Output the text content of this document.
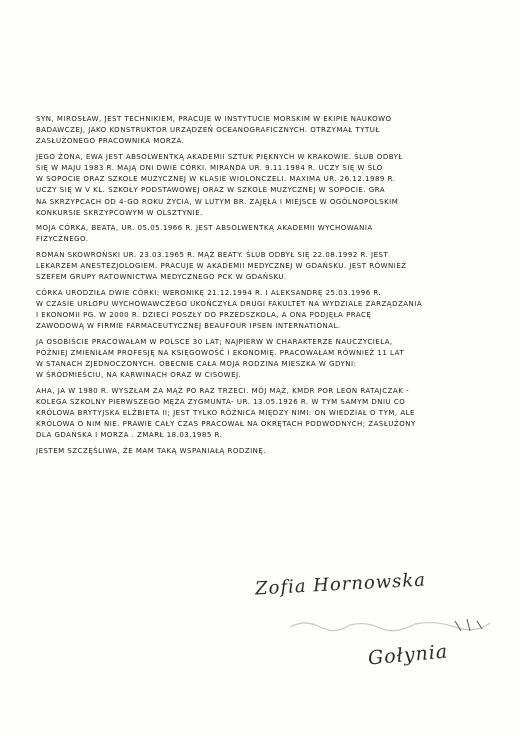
SYN, MIROSŁAW, JEST TECHNIKIEM, PRACUJE W INSTYTUCIE MORSKIM W EKIPIE NAUKOWO
BADAWCZEJ, JAKO KONSTRUKTOR URZĄDZEŃ OCEANOGRAFICZNYCH. OTRZYMAŁ TYTUŁ
ZASŁUŻONEGO PRACOWNIKA MORZA.
JEGO ŻONA, EWA JEST ABSOLWENTKĄ AKADEMII SZTUK PIĘKNYCH W KRAKOWIE. ŚLUB ODBYŁ
SIĘ W MAJU 1983 R. MAJĄ ONI DWIE CÓRKI. MIRANDA UR. 9.11.1984 R. UCZY SIĘ W ŚLO
W SOPOCIE ORAZ SZKOLE MUZYCZNEJ W KLASIE WIOLONCZELI. MAXIMA UR. 26.12.1989 R.
UCZY SIĘ W V KL. SZKOŁY PODSTAWOWEJ ORAZ W SZKOLE MUZYCZNEJ W SOPOCIE. GRA
NA SKRZYPCACH OD 4-GO ROKU ŻYCIA, W LUTYM BR. ZAJĘŁA I MIEJSCE W OGÓLNOPOLSKIM
KONKURSIE SKRZYPCOWYM W OLSZTYNIE.
MOJA CÓRKA, BEATA, UR. 05.05.1966 R. JEST ABSOLWENTKĄ AKADEMII WYCHOWANIA
FIZYCZNEGO.
ROMAN SKOWROŃSKI UR. 23.03.1965 R. MĄŻ BEATY. ŚLUB ODBYŁ SIĘ 22.08.1992 R. JEST
LEKARZEM ANESTEZJOLOGIEM. PRACUJE W AKADEMII MEDYCZNEJ W GDAŃSKU. JEST RÓWNIEŻ
SZEFEM GRUPY RATOWNICTWA MEDYCZNEGO PCK W GDAŃSKU.
CÓRKA URODZIŁA DWIE CÓRKI: WERONIKĘ 21.12.1994 R. I ALEKSANDRĘ 25.03.1996 R.
W CZASIE URLOPU WYCHOWAWCZEGO UKOŃCZYŁA DRUGI FAKULTET NA WYDZIALE ZARZĄDZANIA
I EKONOMII PG. W 2000 R. DZIECI POSZŁY DO PRZEDSZKOLA, A ONA PODJĘŁA PRACĘ
ZAWODOWĄ W FIRMIE FARMACEUTYCZNEJ BEAUFOUR IPSEN INTERNATIONAL.
JA OSOBIŚCIE PRACOWAŁAM W POLSCE 30 LAT; NAJPIERW W CHARAKTERZE NAUCZYCIELA,
PÓŹNIEJ ZMIENIŁAM PROFESJĘ NA KSIĘGOWOŚĆ I EKONOMIĘ. PRACOWAŁAM RÓWNIEŻ 11 LAT
W STANACH ZJEDNOCZONYCH. OBECNIE CAŁA MOJA RODZINA MIESZKA W GDYNI:
W ŚRÓDMIEŚCIU, NA KARWINACH ORAZ W CISOWEJ.
AHA, JA W 1980 R. WYSZŁAM ZA MĄŻ PO RAZ TRZECI. MÓJ MĄŻ, KMDR POR LEON RATAJCZAK -
KOLEGA SZKOLNY PIERWSZEGO MĘŻA ZYGMUNTA- UR. 13.05.1926 R. W TYM SAMYM DNIU CO
KRÓLOWA BRYTYJSKA ELŻBIETA II; JEST TYLKO RÓŻNICA MIĘDZY NIMI: ON WIEDZIAŁ O TYM, ALE
KRÓLOWA O NIM NIE. PRAWIE CAŁY CZAS PRACOWAŁ NA OKRĘTACH PODWODNYCH; ZASŁUŻONY
DLA GDAŃSKA I MORZA . ZMARŁ 18.03.1985 R.
JESTEM SZCZĘŚLIWA, ŻE MAM TAKĄ WSPANIAŁĄ RODZINĘ.
Zofia Hornowska
Gołynia
